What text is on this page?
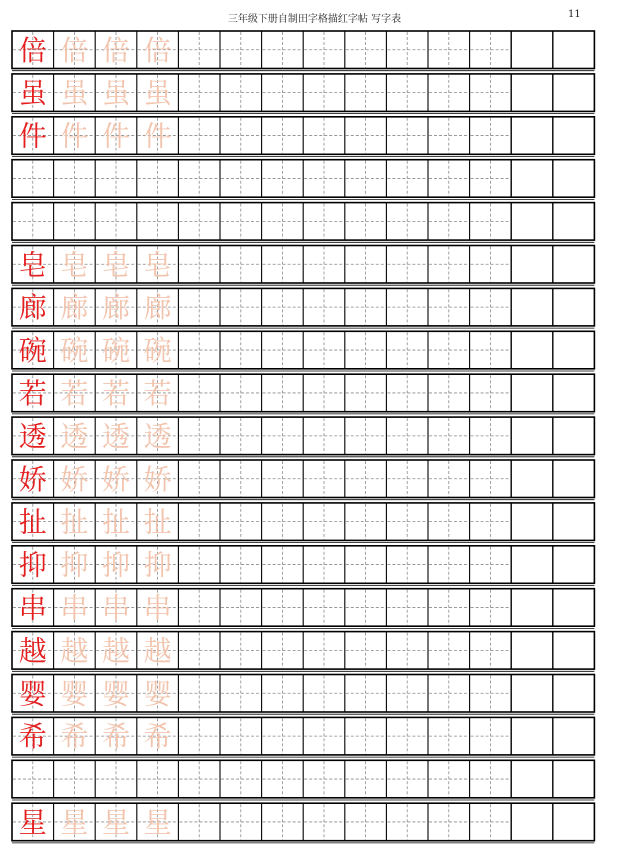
三年级下册自制田字格描红字帖 写字表	11
倍 倍 倍 倍
虽 虽 虽 虽
件 件 件 件
皂 皂 皂 皂
廊 廊 廊 廊
碗 碗 碗 碗
若 若 若 若
透 透 透 透
娇 娇 娇 娇
扯 扯 扯 扯
抑 抑 抑 抑
串 串 串 串
越 越 越 越
婴 婴 婴 婴
希 希 希 希
星 星 星 星
